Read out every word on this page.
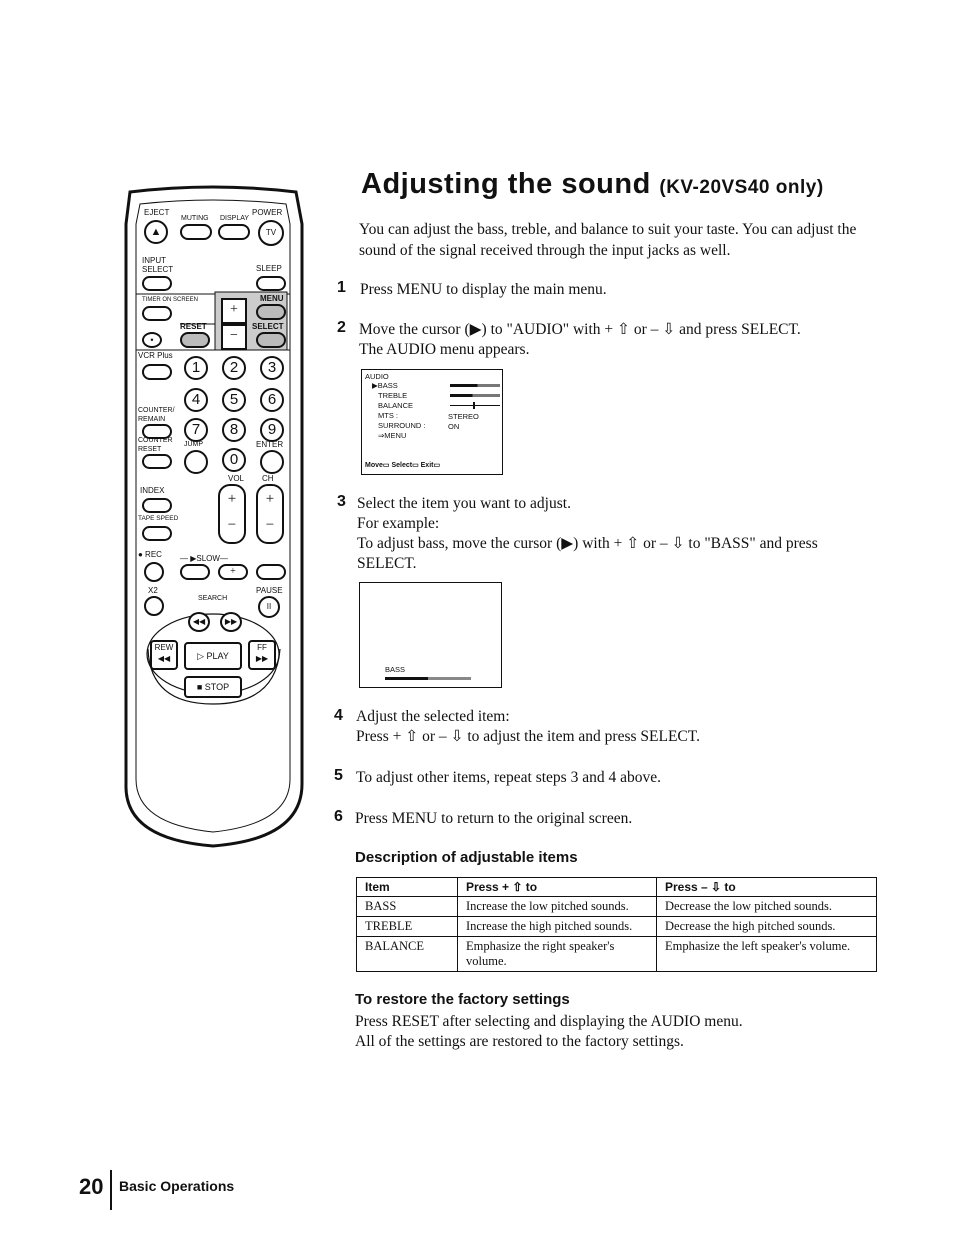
EJECT
MUTING DISPLAY
POWER
▲	TV
INPUT SELECT	SLEEP
TIMER ON SCREEN	MENU
+
RESET	SELECT
•	−
VCR Plus
1	2	3
4	5	6
7	8	9
0
COUNTER/ REMAIN
COUNTER RESET
JUMP	ENTER
VOL CH
INDEX
TAPE SPEED
+
−
+
−
● REC — ▶SLOW—
+
X2
SEARCH
PAUSE
II
◀◀	▶▶
REW
◀◀	▷ PLAY
FF
▶▶
■ STOP
Adjusting the sound (KV-20VS40 only)
You can adjust the bass, treble, and balance to suit your taste. You can adjust the sound of the signal received through the input jacks as well.
1 Press MENU to display the main menu.
2 Move the cursor (▶) to "AUDIO" with + ⇧ or – ⇩ and press SELECT.
The AUDIO menu appears.
AUDIO
▶BASS
TREBLE
BALANCE
MTS :
SURROUND :
⇒MENU
STEREO
ON
Move▭ Select▭ Exit▭
3 Select the item you want to adjust.
For example:
To adjust bass, move the cursor (▶) with + ⇧ or – ⇩ to "BASS" and press
SELECT.
BASS
4 Adjust the selected item:
Press + ⇧ or – ⇩ to adjust the item and press SELECT.
5 To adjust other items, repeat steps 3 and 4 above.
6 Press MENU to return to the original screen.
Description of adjustable items
Item	Press + ⇧ to	Press – ⇩ to
BASS	Increase the low pitched sounds.	Decrease the low pitched sounds.
TREBLE	Increase the high pitched sounds.	Decrease the high pitched sounds.
BALANCE	Emphasize the right speaker's volume.	Emphasize the left speaker's volume.
To restore the factory settings
Press RESET after selecting and displaying the AUDIO menu.
All of the settings are restored to the factory settings.
20 Basic Operations
